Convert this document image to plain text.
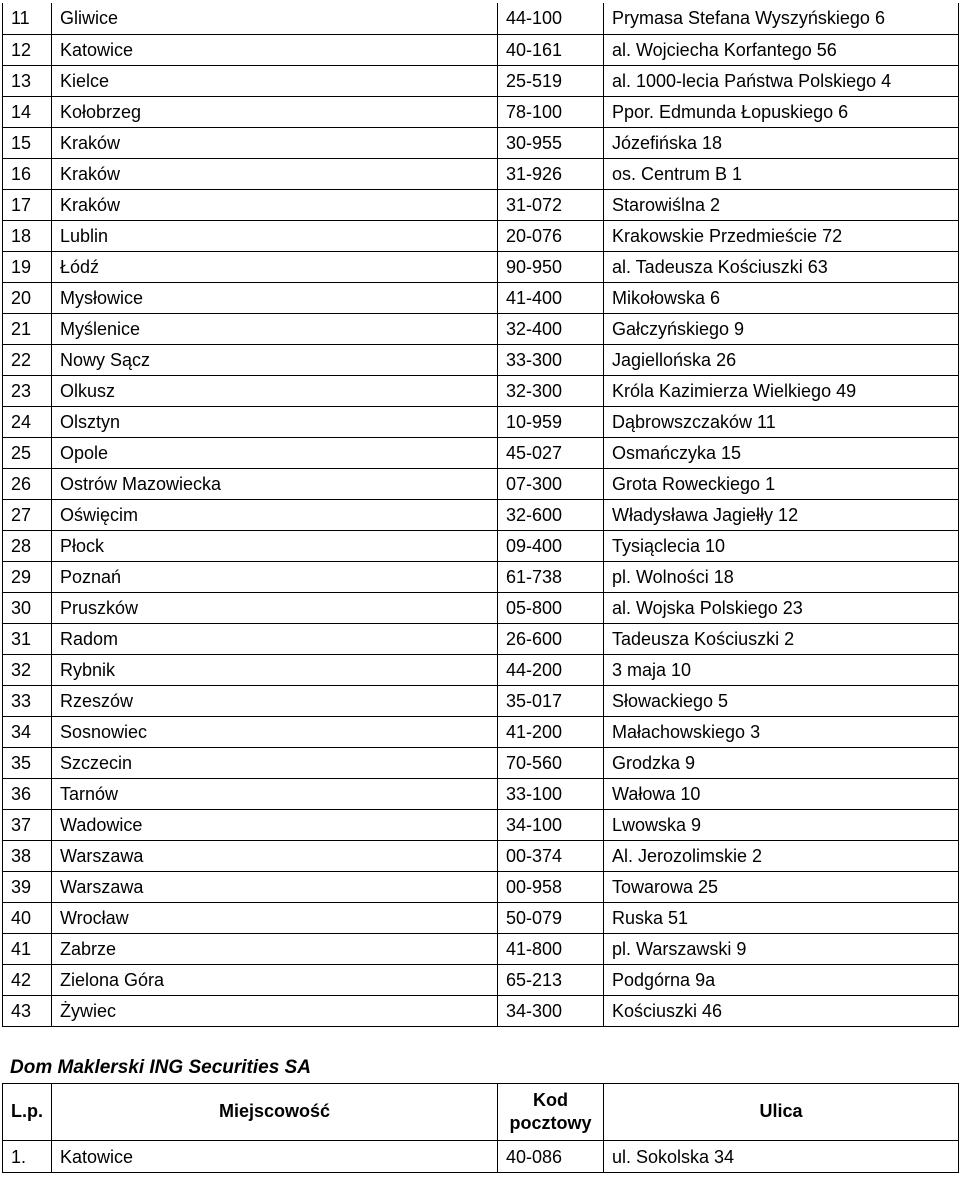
11	Gliwice	44-100	Prymasa Stefana Wyszyńskiego 6
12	Katowice	40-161	al. Wojciecha Korfantego 56
13	Kielce	25-519	al. 1000-lecia Państwa Polskiego 4
14	Kołobrzeg	78-100	Ppor. Edmunda Łopuskiego 6
15	Kraków	30-955	Józefińska 18
16	Kraków	31-926	os. Centrum B 1
17	Kraków	31-072	Starowiślna 2
18	Lublin	20-076	Krakowskie Przedmieście 72
19	Łódź	90-950	al. Tadeusza Kościuszki 63
20	Mysłowice	41-400	Mikołowska 6
21	Myślenice	32-400	Gałczyńskiego 9
22	Nowy Sącz	33-300	Jagiellońska 26
23	Olkusz	32-300	Króla Kazimierza Wielkiego 49
24	Olsztyn	10-959	Dąbrowszczaków 11
25	Opole	45-027	Osmańczyka 15
26	Ostrów Mazowiecka	07-300	Grota Roweckiego 1
27	Oświęcim	32-600	Władysława Jagiełły 12
28	Płock	09-400	Tysiąclecia 10
29	Poznań	61-738	pl. Wolności 18
30	Pruszków	05-800	al. Wojska Polskiego 23
31	Radom	26-600	Tadeusza Kościuszki 2
32	Rybnik	44-200	3 maja 10
33	Rzeszów	35-017	Słowackiego 5
34	Sosnowiec	41-200	Małachowskiego 3
35	Szczecin	70-560	Grodzka 9
36	Tarnów	33-100	Wałowa 10
37	Wadowice	34-100	Lwowska 9
38	Warszawa	00-374	Al. Jerozolimskie 2
39	Warszawa	00-958	Towarowa 25
40	Wrocław	50-079	Ruska 51
41	Zabrze	41-800	pl. Warszawski 9
42	Zielona Góra	65-213	Podgórna 9a
43	Żywiec	34-300	Kościuszki 46
Dom Maklerski ING Securities SA
L.p.	Miejscowość	Kod pocztowy	Ulica
1.	Katowice	40-086	ul. Sokolska 34
